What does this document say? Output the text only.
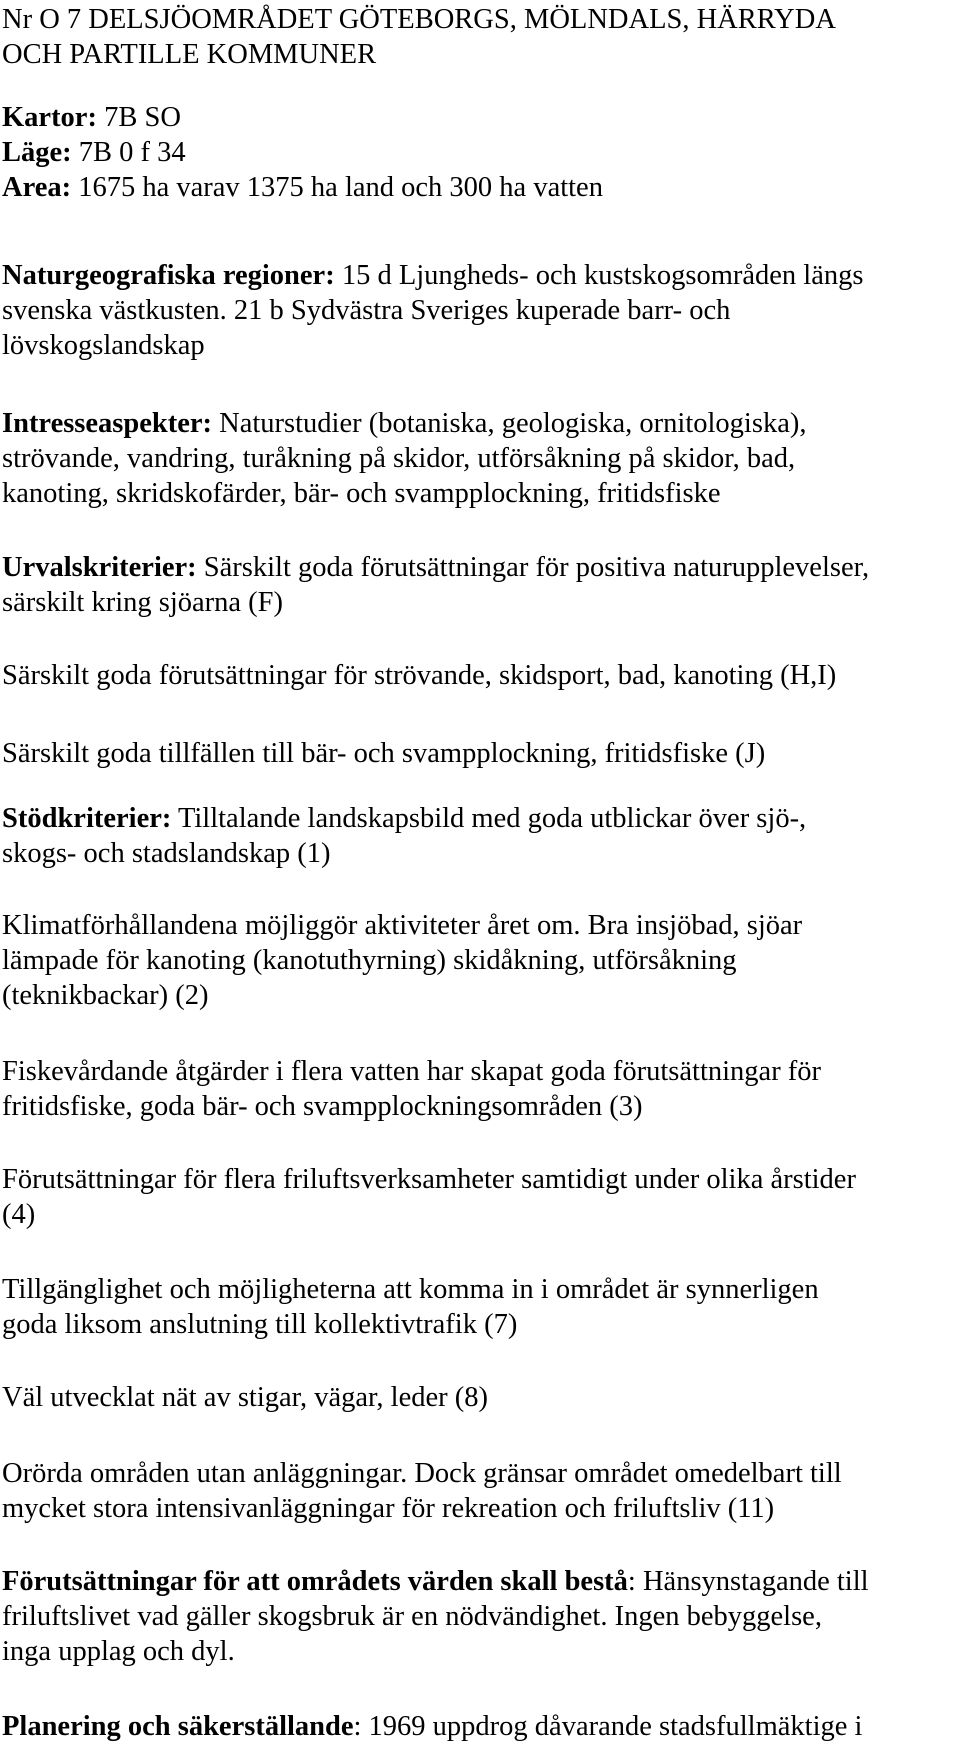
Nr O 7 DELSJÖOMRÅDET GÖTEBORGS, MÖLNDALS, HÄRRYDA
OCH PARTILLE KOMMUNER
Kartor: 7B SO
Läge: 7B 0 f 34
Area: 1675 ha varav 1375 ha land och 300 ha vatten
Naturgeografiska regioner: 15 d Ljungheds- och kustskogsområden längs
svenska västkusten. 21 b Sydvästra Sveriges kuperade barr- och
lövskogslandskap
Intresseaspekter: Naturstudier (botaniska, geologiska, ornitologiska),
strövande, vandring, turåkning på skidor, utförsåkning på skidor, bad,
kanoting, skridskofärder, bär- och svampplockning, fritidsfiske
Urvalskriterier: Särskilt goda förutsättningar för positiva naturupplevelser,
särskilt kring sjöarna (F)
Särskilt goda förutsättningar för strövande, skidsport, bad, kanoting (H,I)
Särskilt goda tillfällen till bär- och svampplockning, fritidsfiske (J)
Stödkriterier: Tilltalande landskapsbild med goda utblickar över sjö-,
skogs- och stadslandskap (1)
Klimatförhållandena möjliggör aktiviteter året om. Bra insjöbad, sjöar
lämpade för kanoting (kanotuthyrning) skidåkning, utförsåkning
(teknikbackar) (2)
Fiskevårdande åtgärder i flera vatten har skapat goda förutsättningar för
fritidsfiske, goda bär- och svampplockningsområden (3)
Förutsättningar för flera friluftsverksamheter samtidigt under olika årstider
(4)
Tillgänglighet och möjligheterna att komma in i området är synnerligen
goda liksom anslutning till kollektivtrafik (7)
Väl utvecklat nät av stigar, vägar, leder (8)
Orörda områden utan anläggningar. Dock gränsar området omedelbart till
mycket stora intensivanläggningar för rekreation och friluftsliv (11)
Förutsättningar för att områdets värden skall bestå: Hänsynstagande till
friluftslivet vad gäller skogsbruk är en nödvändighet. Ingen bebyggelse,
inga upplag och dyl.
Planering och säkerställande: 1969 uppdrog dåvarande stadsfullmäktige i
